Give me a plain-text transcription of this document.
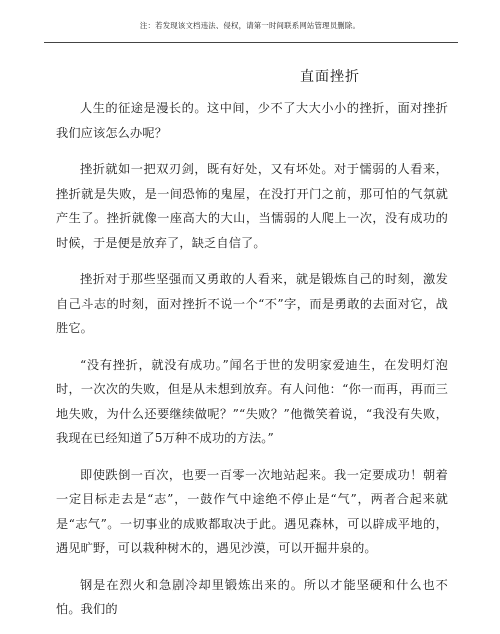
注：若发现该文档违法、侵权，请第一时间联系网站管理员删除。
直面挫折

人生的征途是漫长的。这中间，少不了大大小小的挫折，面对挫折我们应该怎么办呢？

挫折就如一把双刃剑，既有好处，又有坏处。对于懦弱的人看来，挫折就是失败，是一间恐怖的鬼屋，在没打开门之前，那可怕的气氛就产生了。挫折就像一座高大的大山，当懦弱的人爬上一次，没有成功的时候，于是便是放弃了，缺乏自信了。

挫折对于那些坚强而又勇敢的人看来，就是锻炼自己的时刻，激发自己斗志的时刻，面对挫折不说一个“不”字，而是勇敢的去面对它，战胜它。

“没有挫折，就没有成功。”闻名于世的发明家爱迪生，在发明灯泡时，一次次的失败，但是从未想到放弃。有人问他：“你一而再，再而三地失败，为什么还要继续做呢？”“失败？”他微笑着说，“我没有失败，我现在已经知道了5万种不成功的方法。”

即使跌倒一百次，也要一百零一次地站起来。我一定要成功！朝着一定目标走去是“志”，一鼓作气中途绝不停止是“气”，两者合起来就是“志气”。一切事业的成败都取决于此。遇见森林，可以辟成平地的，遇见旷野，可以栽种树木的，遇见沙漠，可以开掘井泉的。

钢是在烈火和急剧冷却里锻炼出来的。所以才能坚硬和什么也不怕。我们的
